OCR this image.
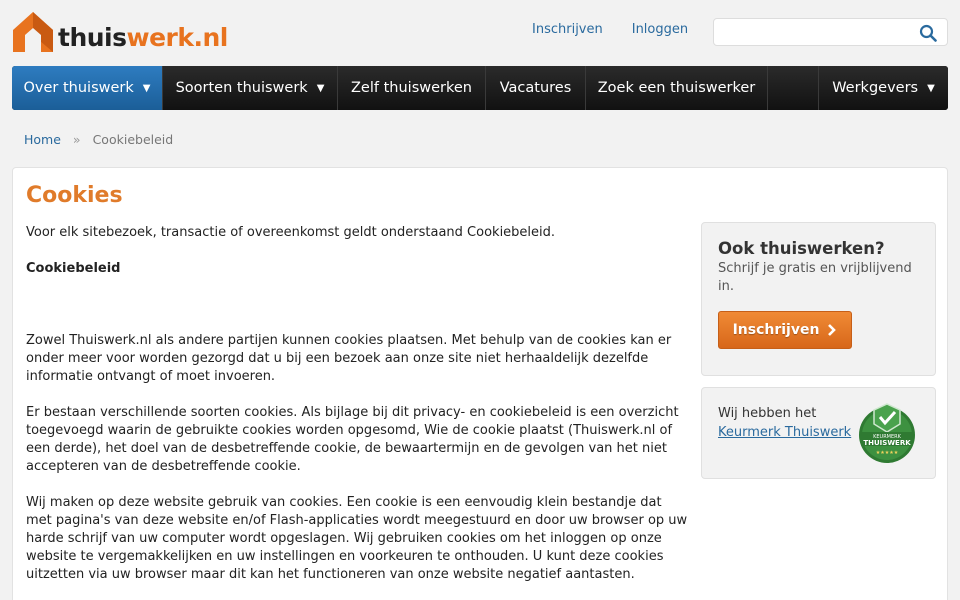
thuiswerk.nl	Inschrijven Inloggen
Over thuiswerk ▼ Soorten thuiswerk ▼ Zelf thuiswerken Vacatures Zoek een thuiswerker	Werkgevers ▼
Home » Cookiebeleid
Cookies

Voor elk sitebezoek, transactie of overeenkomst geldt onderstaand Cookiebeleid.

Cookiebeleid

Zowel Thuiswerk.nl als andere partijen kunnen cookies plaatsen. Met behulp van de cookies kan er onder meer voor worden gezorgd dat u bij een bezoek aan onze site niet herhaaldelijk dezelfde informatie ontvangt of moet invoeren.

Er bestaan verschillende soorten cookies. Als bijlage bij dit privacy- en cookiebeleid is een overzicht toegevoegd waarin de gebruikte cookies worden opgesomd, Wie de cookie plaatst (Thuiswerk.nl of een derde), het doel van de desbetreffende cookie, de bewaartermijn en de gevolgen van het niet accepteren van de desbetreffende cookie.

Wij maken op deze website gebruik van cookies. Een cookie is een eenvoudig klein bestandje dat met pagina's van deze website en/of Flash-applicaties wordt meegestuurd en door uw browser op uw harde schrijf van uw computer wordt opgeslagen. Wij gebruiken cookies om het inloggen op onze website te vergemakkelijken en uw instellingen en voorkeuren te onthouden. U kunt deze cookies uitzetten via uw browser maar dit kan het functioneren van onze website negatief aantasten.

Ook thuiswerken?
Schrijf je gratis en vrijblijvend in.
Inschrijven
Wij hebben het
Keurmerk Thuiswerk	KEURMERK
THUISWERK
★★★★★
